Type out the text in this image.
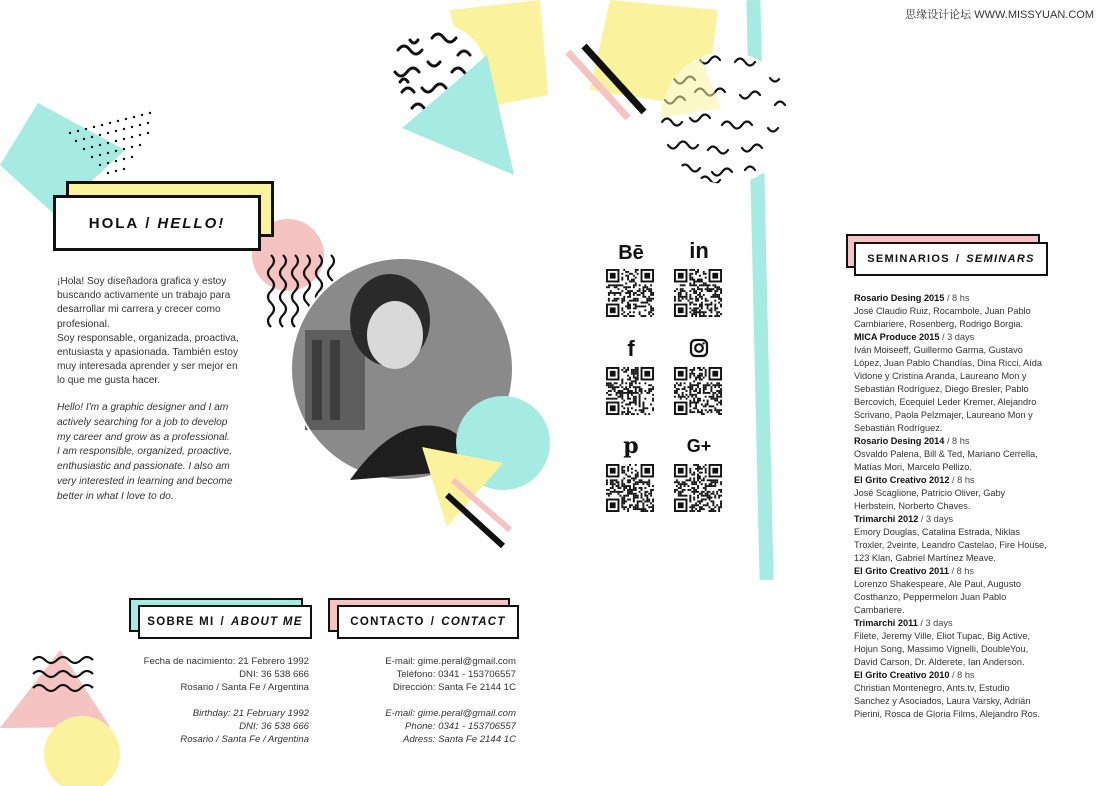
思缘设计论坛 WWW.MISSYUAN.COM
HOLA / HELLO!

¡Hola! Soy diseñadora grafica y estoy

buscando activamente un trabajo para

desarrollar mi carrera y crecer como

profesional.

Soy responsable, organizada, proactiva,

entusiasta y apasionada. También estoy

muy interesada aprender y ser mejor en

lo que me gusta hacer.

Hello! I'm a graphic designer and I am

actively searching for a job to develop

my career and grow as a professional.

I am responsible, organized, proactive,

enthusiastic and passionate. I also am

very interested in learning and become

better in what I love to do.

SOBRE MI / ABOUT ME
Fecha de nacimiento: 21 Febrero 1992
DNI: 36 538 666
Rosario / Santa Fe / Argentina
Birthday: 21 February 1992
DNI: 36 538 666
Rosario / Santa Fe / Argentina
CONTACTO / CONTACT
E-mail: gime.peral@gmail.com
Teléfono: 0341 - 153706557
Dirección: Santa Fe 2144 1C
E-mail: gime.peral@gmail.com
Phone: 0341 - 153706557
Adress: Santa Fe 2144 1C
Bē	in
f
p	G+
SEMINARIOS / SEMINARS
Rosario Desing 2015 / 8 hs
José Claudio Ruiz, Rocambole, Juan Pablo
Cambiariere, Rosenberg, Rodrigo Borgia.
MICA Produce 2015 / 3 days
Iván Moiseeff, Guillermo Garma, Gustavo
López, Juan Pablo Chandías, Dina Ricci, Aída
Vidone y Cristina Aranda, Laureano Mon y
Sebastián Rodríguez, Diego Bresler, Pablo
Bercovich, Ecequiel Leder Kremer, Alejandro
Scrivano, Paola Pelzmajer, Laureano Mon y
Sebastián Rodríguez.
Rosario Desing 2014 / 8 hs
Osvaldo Palena, Bill & Ted, Mariano Cerrella,
Matías Mori, Marcelo Pellizo.
El Grito Creativo 2012 / 8 hs
José Scaglione, Patricio Oliver, Gaby
Herbstein, Norberto Chaves.
Trimarchi 2012 / 3 days
Emory Douglas, Catalina Estrada, Niklas
Troxler, 2veinte, Leandro Castelao, Fire House,
123 Klan, Gabriel Martínez Meave.
El Grito Creativo 2011 / 8 hs
Lorenzo Shakespeare, Ale Paul, Augusto
Costhanzo, Peppermelon Juan Pablo
Cambariere.
Trimarchi 2011 / 3 days
Filete, Jeremy Ville, Eliot Tupac, Big Active,
Hojun Song, Massimo Vignelli, DoubleYou,
David Carson, Dr. Alderete, Ian Anderson.
El Grito Creativo 2010 / 8 hs
Christian Montenegro, Ants.tv, Estudio
Sanchez y Asociados, Laura Varsky, Adrián
Pierini, Rosca de Gloria Films, Alejandro Ros.
